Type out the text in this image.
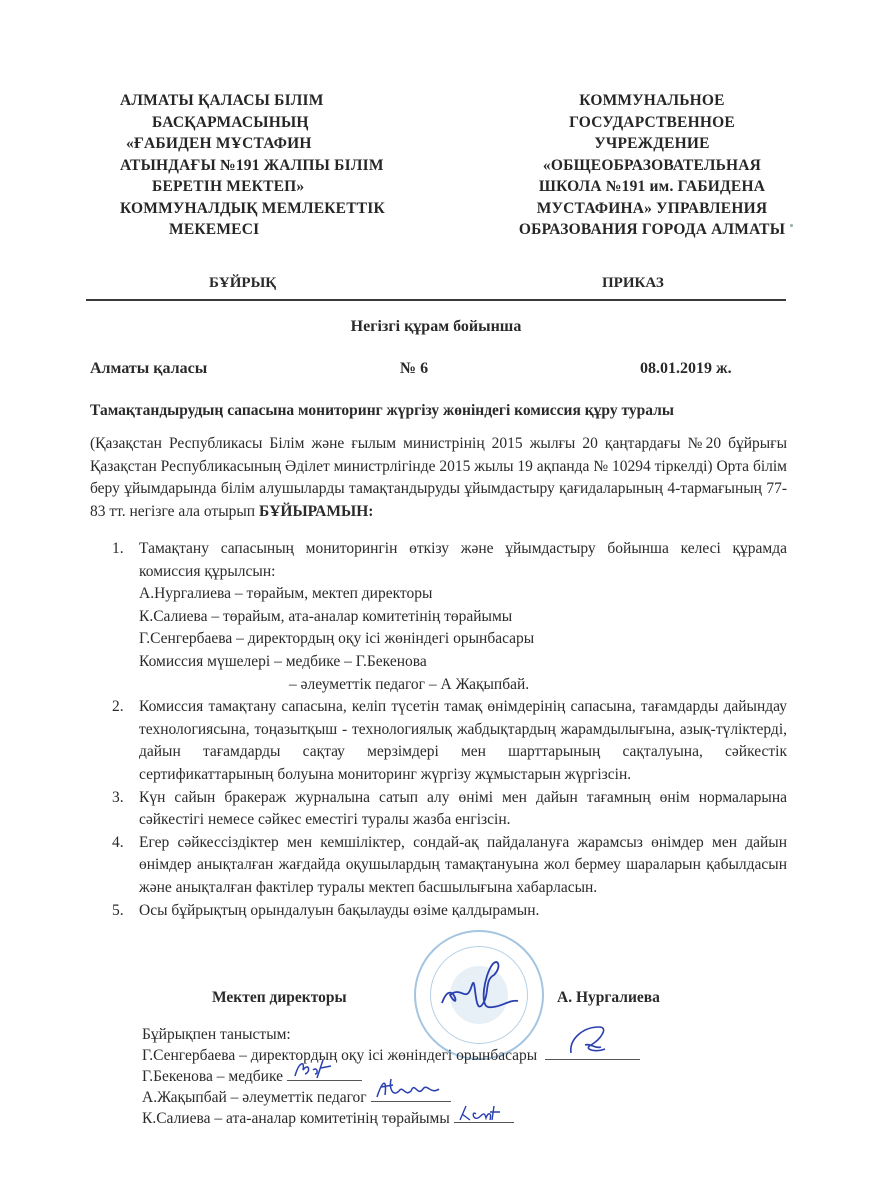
АЛМАТЫ ҚАЛАСЫ БІЛІМ
БАСҚАРМАСЫНЫҢ
«ҒАБИДЕН МҰСТАФИН
АТЫНДАҒЫ №191 ЖАЛПЫ БІЛІМ
БЕРЕТІН МЕКТЕП»
КОММУНАЛДЫҚ МЕМЛЕКЕТТІК
МЕКЕМЕСІ
КОММУНАЛЬНОЕ
ГОСУДАРСТВЕННОЕ
УЧРЕЖДЕНИЕ
«ОБЩЕОБРАЗОВАТЕЛЬНАЯ
ШКОЛА №191 им. ГАБИДЕНА
МУСТАФИНА» УПРАВЛЕНИЯ
ОБРАЗОВАНИЯ ГОРОДА АЛМАТЫ
БҰЙРЫҚ	ПРИКАЗ
Негізгі құрам бойынша
Алматы қаласы	№ 6	08.01.2019 ж.
Тамақтандырудың сапасына мониторинг жүргізу жөніндегі комиссия құру туралы
(Қазақстан Республикасы Білім және ғылым министрінің 2015 жылғы 20 қаңтардағы №20 бұйрығы Қазақстан Республикасының Әділет министрлігінде 2015 жылы 19 ақпанда № 10294 тіркелді) Орта білім беру ұйымдарында білім алушыларды тамақтандыруды ұйымдастыру қағидаларының 4-тармағының 77-83 тт. негізге ала отырып БҰЙЫРАМЫН:
1. Тамақтану сапасының мониторингін өткізу және ұйымдастыру бойынша келесі құрамда комиссия құрылсын:
А.Нургалиева – төрайым, мектеп директоры
К.Салиева – төрайым, ата-аналар комитетінің төрайымы
Г.Сенгербаева – директордың оқу ісі жөніндегі орынбасары
Комиссия мүшелері – медбике – Г.Бекенова
– әлеуметтік педагог – А Жақыпбай.
2. Комиссия тамақтану сапасына, келіп түсетін тамақ өнімдерінің сапасына, тағамдарды дайындау технологиясына, тоңазытқыш - технологиялық жабдықтардың жарамдылығына, азық-түліктерді, дайын тағамдарды сақтау мерзімдері мен шарттарының сақталуына, сәйкестік сертификаттарының болуына мониторинг жүргізу жұмыстарын жүргізсін.
3. Күн сайын бракераж журналына сатып алу өнімі мен дайын тағамның өнім нормаларына сәйкестігі немесе сәйкес еместігі туралы жазба енгізсін.
4. Егер сәйкессіздіктер мен кемшіліктер, сондай-ақ пайдалануға жарамсыз өнімдер мен дайын өнімдер анықталған жағдайда оқушылардың тамақтануына жол бермеу шараларын қабылдасын және анықталған фактілер туралы мектеп басшылығына хабарласын.
5. Осы бұйрықтың орындалуын бақылауды өзіме қалдырамын.
Мектеп директоры	А. Нургалиева
Бұйрықпен таныстым:
Г.Сенгербаева – директордың оқу ісі жөніндегі орынбасары
Г.Бекенова – медбике
А.Жақыпбай – әлеуметтік педагог
К.Салиева – ата-аналар комитетінің төрайымы
